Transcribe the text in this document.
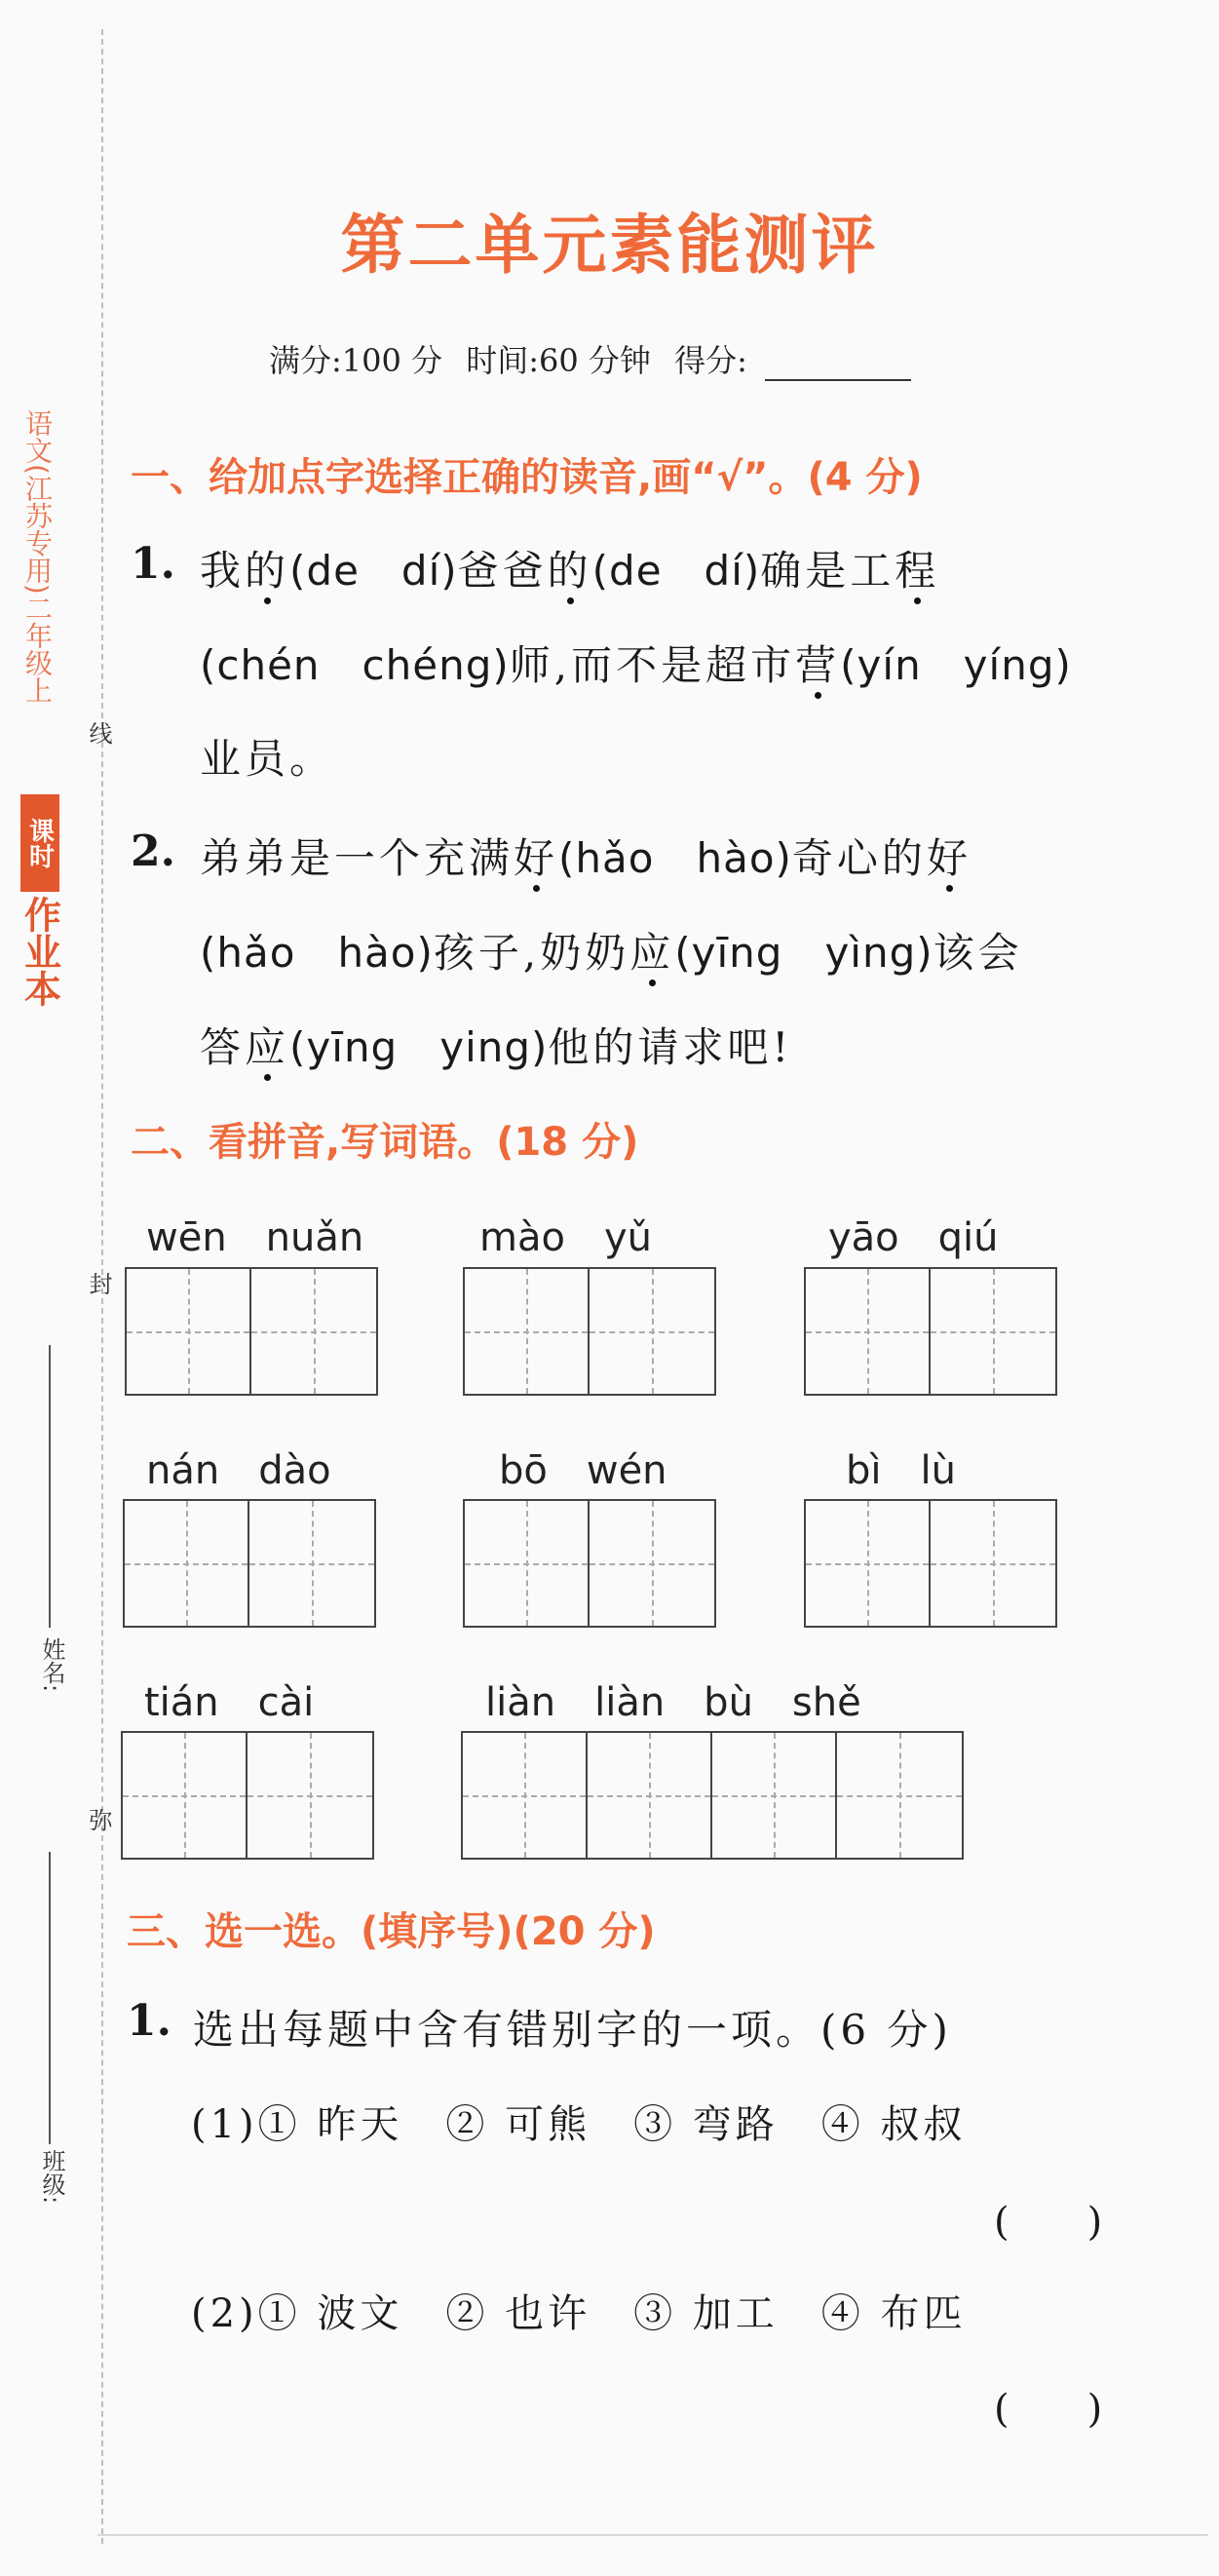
语文(江苏专用)二年级上
课时
作业本
线
封
弥
姓名:
班级:
第二单元素能测评
满分:100 分 时间:60 分钟 得分:
一、给加点字选择正确的读音,画“√”。(4 分)
1. 我的(de　dí)爸爸的(de　dí)确是工程
(chén　chéng)师,而不是超市营(yín　yíng)
业员。
2. 弟弟是一个充满好(hǎo　hào)奇心的好
(hǎo　hào)孩子,奶奶应(yīng　yìng)该会
答应(yīng　ying)他的请求吧!
二、看拼音,写词语。(18 分)
wēn　nuǎn	mào　yǔ	yāo　qiú
nán　dào	bō　wén	bì　lù
tián　cài	liàn　liàn　bù　shě
三、选一选。(填序号)(20 分)
1. 选出每题中含有错别字的一项。(6 分)
(1)① 昨天　② 可熊　③ 弯路　④ 叔叔
(　　)
(2)① 波文　② 也许　③ 加工　④ 布匹
(　　)
